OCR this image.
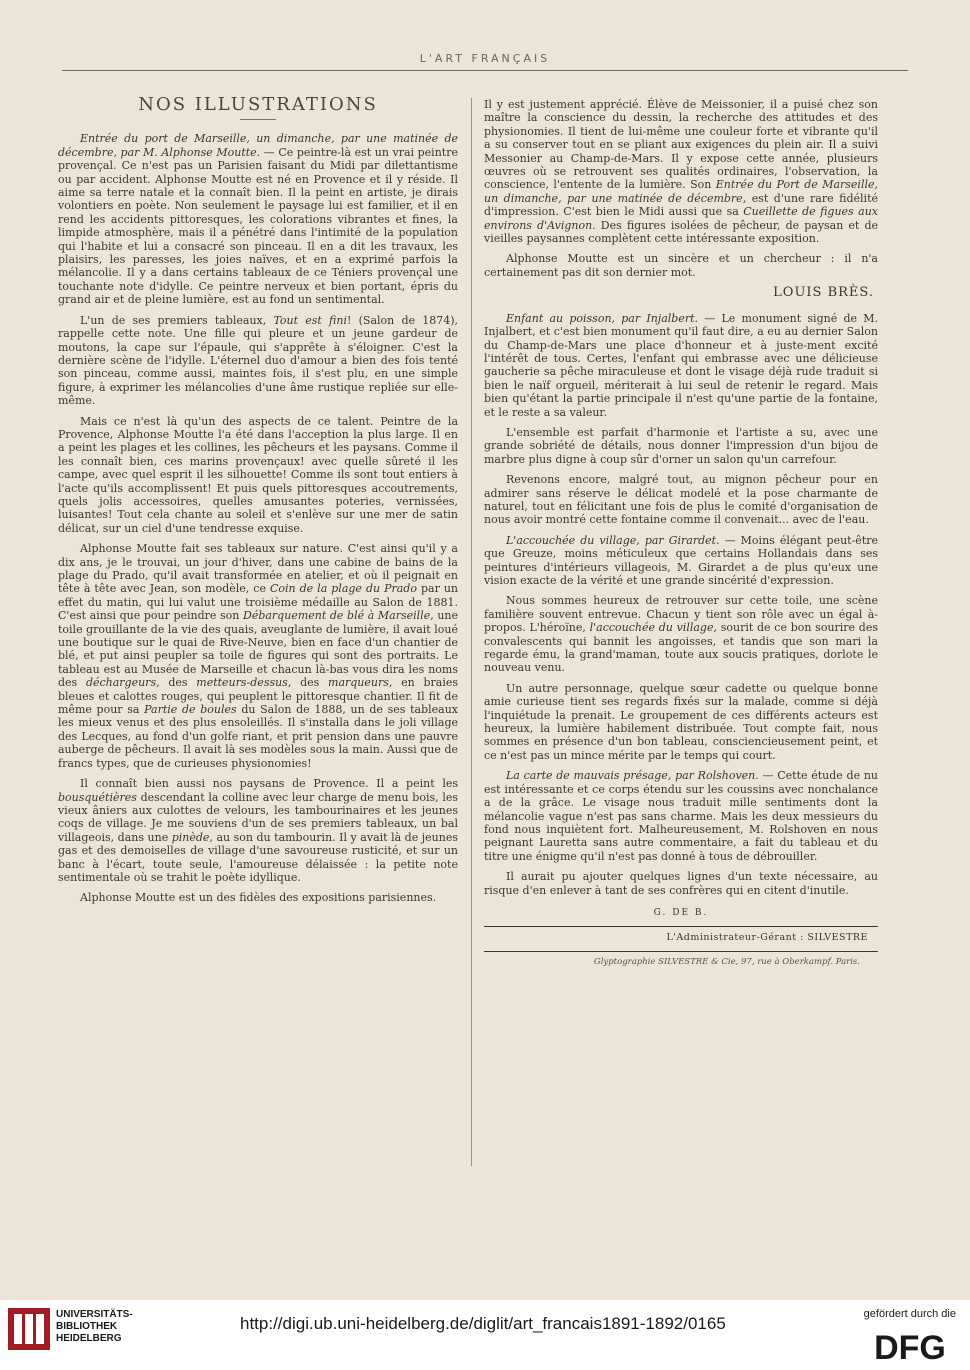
L'ART FRANÇAIS
NOS ILLUSTRATIONS

Entrée du port de Marseille, un dimanche, par une matinée de décembre, par M. Alphonse Moutte. — Ce peintre-là est un vrai peintre provençal. Ce n'est pas un Parisien faisant du Midi par dilettantisme ou par accident. Alphonse Moutte est né en Provence et il y réside. Il aime sa terre natale et la connaît bien. Il la peint en artiste, je dirais volontiers en poète. Non seulement le paysage lui est familier, et il en rend les accidents pittoresques, les colorations vibrantes et fines, la limpide atmosphère, mais il a pénétré dans l'intimité de la population qui l'habite et lui a consacré son pinceau. Il en a dit les travaux, les plaisirs, les paresses, les joies naïves, et en a exprimé parfois la mélancolie. Il y a dans certains tableaux de ce Téniers provençal une touchante note d'idylle. Ce peintre nerveux et bien portant, épris du grand air et de pleine lumière, est au fond un sentimental.

L'un de ses premiers tableaux, Tout est fini! (Salon de 1874), rappelle cette note. Une fille qui pleure et un jeune gardeur de moutons, la cape sur l'épaule, qui s'apprête à s'éloigner. C'est la dernière scène de l'idylle. L'éternel duo d'amour a bien des fois tenté son pinceau, comme aussi, maintes fois, il s'est plu, en une simple figure, à exprimer les mélancolies d'une âme rustique repliée sur elle-même.

Mais ce n'est là qu'un des aspects de ce talent. Peintre de la Provence, Alphonse Moutte l'a été dans l'acception la plus large. Il en a peint les plages et les collines, les pêcheurs et les paysans. Comme il les connaît bien, ces marins provençaux! avec quelle sûreté il les campe, avec quel esprit il les silhouette! Comme ils sont tout entiers à l'acte qu'ils accomplissent! Et puis quels pittoresques accoutrements, quels jolis accessoires, quelles amusantes poteries, vernissées, luisantes! Tout cela chante au soleil et s'enlève sur une mer de satin délicat, sur un ciel d'une tendresse exquise.

Alphonse Moutte fait ses tableaux sur nature. C'est ainsi qu'il y a dix ans, je le trouvai, un jour d'hiver, dans une cabine de bains de la plage du Prado, qu'il avait transformée en atelier, et où il peignait en tête à tête avec Jean, son modèle, ce Coin de la plage du Prado par un effet du matin, qui lui valut une troisième médaille au Salon de 1881. C'est ainsi que pour peindre son Débarquement de blé à Marseille, une toile grouillante de la vie des quais, aveuglante de lumière, il avait loué une boutique sur le quai de Rive-Neuve, bien en face d'un chantier de blé, et put ainsi peupler sa toile de figures qui sont des portraits. Le tableau est au Musée de Marseille et chacun là-bas vous dira les noms des déchargeurs, des metteurs-dessus, des marqueurs, en braies bleues et calottes rouges, qui peuplent le pittoresque chantier. Il fit de même pour sa Partie de boules du Salon de 1888, un de ses tableaux les mieux venus et des plus ensoleillés. Il s'installa dans le joli village des Lecques, au fond d'un golfe riant, et prit pension dans une pauvre auberge de pêcheurs. Il avait là ses modèles sous la main. Aussi que de francs types, que de curieuses physionomies!

Il connaît bien aussi nos paysans de Provence. Il a peint les bousquétières descendant la colline avec leur charge de menu bois, les vieux âniers aux culottes de velours, les tambourinaires et les jeunes coqs de village. Je me souviens d'un de ses premiers tableaux, un bal villageois, dans une pinède, au son du tambourin. Il y avait là de jeunes gas et des demoiselles de village d'une savoureuse rusticité, et sur un banc à l'écart, toute seule, l'amoureuse délaissée : la petite note sentimentale où se trahit le poète idyllique.

Alphonse Moutte est un des fidèles des expositions parisiennes.

Il y est justement apprécié. Élève de Meissonier, il a puisé chez son maître la conscience du dessin, la recherche des attitudes et des physionomies. Il tient de lui-même une couleur forte et vibrante qu'il a su conserver tout en se pliant aux exigences du plein air. Il a suivi Messonier au Champ-de-Mars. Il y expose cette année, plusieurs œuvres où se retrouvent ses qualités ordinaires, l'observation, la conscience, l'entente de la lumière. Son Entrée du Port de Marseille, un dimanche, par une matinée de décembre, est d'une rare fidélité d'impression. C'est bien le Midi aussi que sa Cueillette de figues aux environs d'Avignon. Des figures isolées de pêcheur, de paysan et de vieilles paysannes complètent cette intéressante exposition.

Alphonse Moutte est un sincère et un chercheur : il n'a certainement pas dit son dernier mot.

LOUIS BRÈS.

Enfant au poisson, par Injalbert. — Le monument signé de M. Injalbert, et c'est bien monument qu'il faut dire, a eu au dernier Salon du Champ-de-Mars une place d'honneur et à juste-ment excité l'intérêt de tous. Certes, l'enfant qui embrasse avec une délicieuse gaucherie sa pêche miraculeuse et dont le visage déjà rude traduit si bien le naïf orgueil, mériterait à lui seul de retenir le regard. Mais bien qu'étant la partie principale il n'est qu'une partie de la fontaine, et le reste a sa valeur.

L'ensemble est parfait d'harmonie et l'artiste a su, avec une grande sobriété de détails, nous donner l'impression d'un bijou de marbre plus digne à coup sûr d'orner un salon qu'un carrefour.

Revenons encore, malgré tout, au mignon pêcheur pour en admirer sans réserve le délicat modelé et la pose charmante de naturel, tout en félicitant une fois de plus le comité d'organisation de nous avoir montré cette fontaine comme il convenait... avec de l'eau.

L'accouchée du village, par Girardet. — Moins élégant peut-être que Greuze, moins méticuleux que certains Hollandais dans ses peintures d'intérieurs villageois, M. Girardet a de plus qu'eux une vision exacte de la vérité et une grande sincérité d'expression.

Nous sommes heureux de retrouver sur cette toile, une scène familière souvent entrevue. Chacun y tient son rôle avec un égal à-propos. L'héroïne, l'accouchée du village, sourit de ce bon sourire des convalescents qui bannit les angoisses, et tandis que son mari la regarde ému, la grand'maman, toute aux soucis pratiques, dorlote le nouveau venu.

Un autre personnage, quelque sœur cadette ou quelque bonne amie curieuse tient ses regards fixés sur la malade, comme si déjà l'inquiétude la prenait. Le groupement de ces différents acteurs est heureux, la lumière habilement distribuée. Tout compte fait, nous sommes en présence d'un bon tableau, consciencieusement peint, et ce n'est pas un mince mérite par le temps qui court.

La carte de mauvais présage, par Rolshoven. — Cette étude de nu est intéressante et ce corps étendu sur les coussins avec nonchalance a de la grâce. Le visage nous traduit mille sentiments dont la mélancolie vague n'est pas sans charme. Mais les deux messieurs du fond nous inquiètent fort. Malheureusement, M. Rolshoven en nous peignant Lauretta sans autre commentaire, a fait du tableau et du titre une énigme qu'il n'est pas donné à tous de débrouiller.

Il aurait pu ajouter quelques lignes d'un texte nécessaire, au risque d'en enlever à tant de ses confrères qui en citent d'inutile.

G. DE B.
L'Administrateur-Gérant : SILVESTRE
Glyptographie SILVESTRE & Cie, 97, rue à Oberkampf. Paris.
UNIVERSITÄTS-
BIBLIOTHEK
HEIDELBERG
http://digi.ub.uni-heidelberg.de/diglit/art_francais1891-1892/0165	gefördert durch die
DFG
